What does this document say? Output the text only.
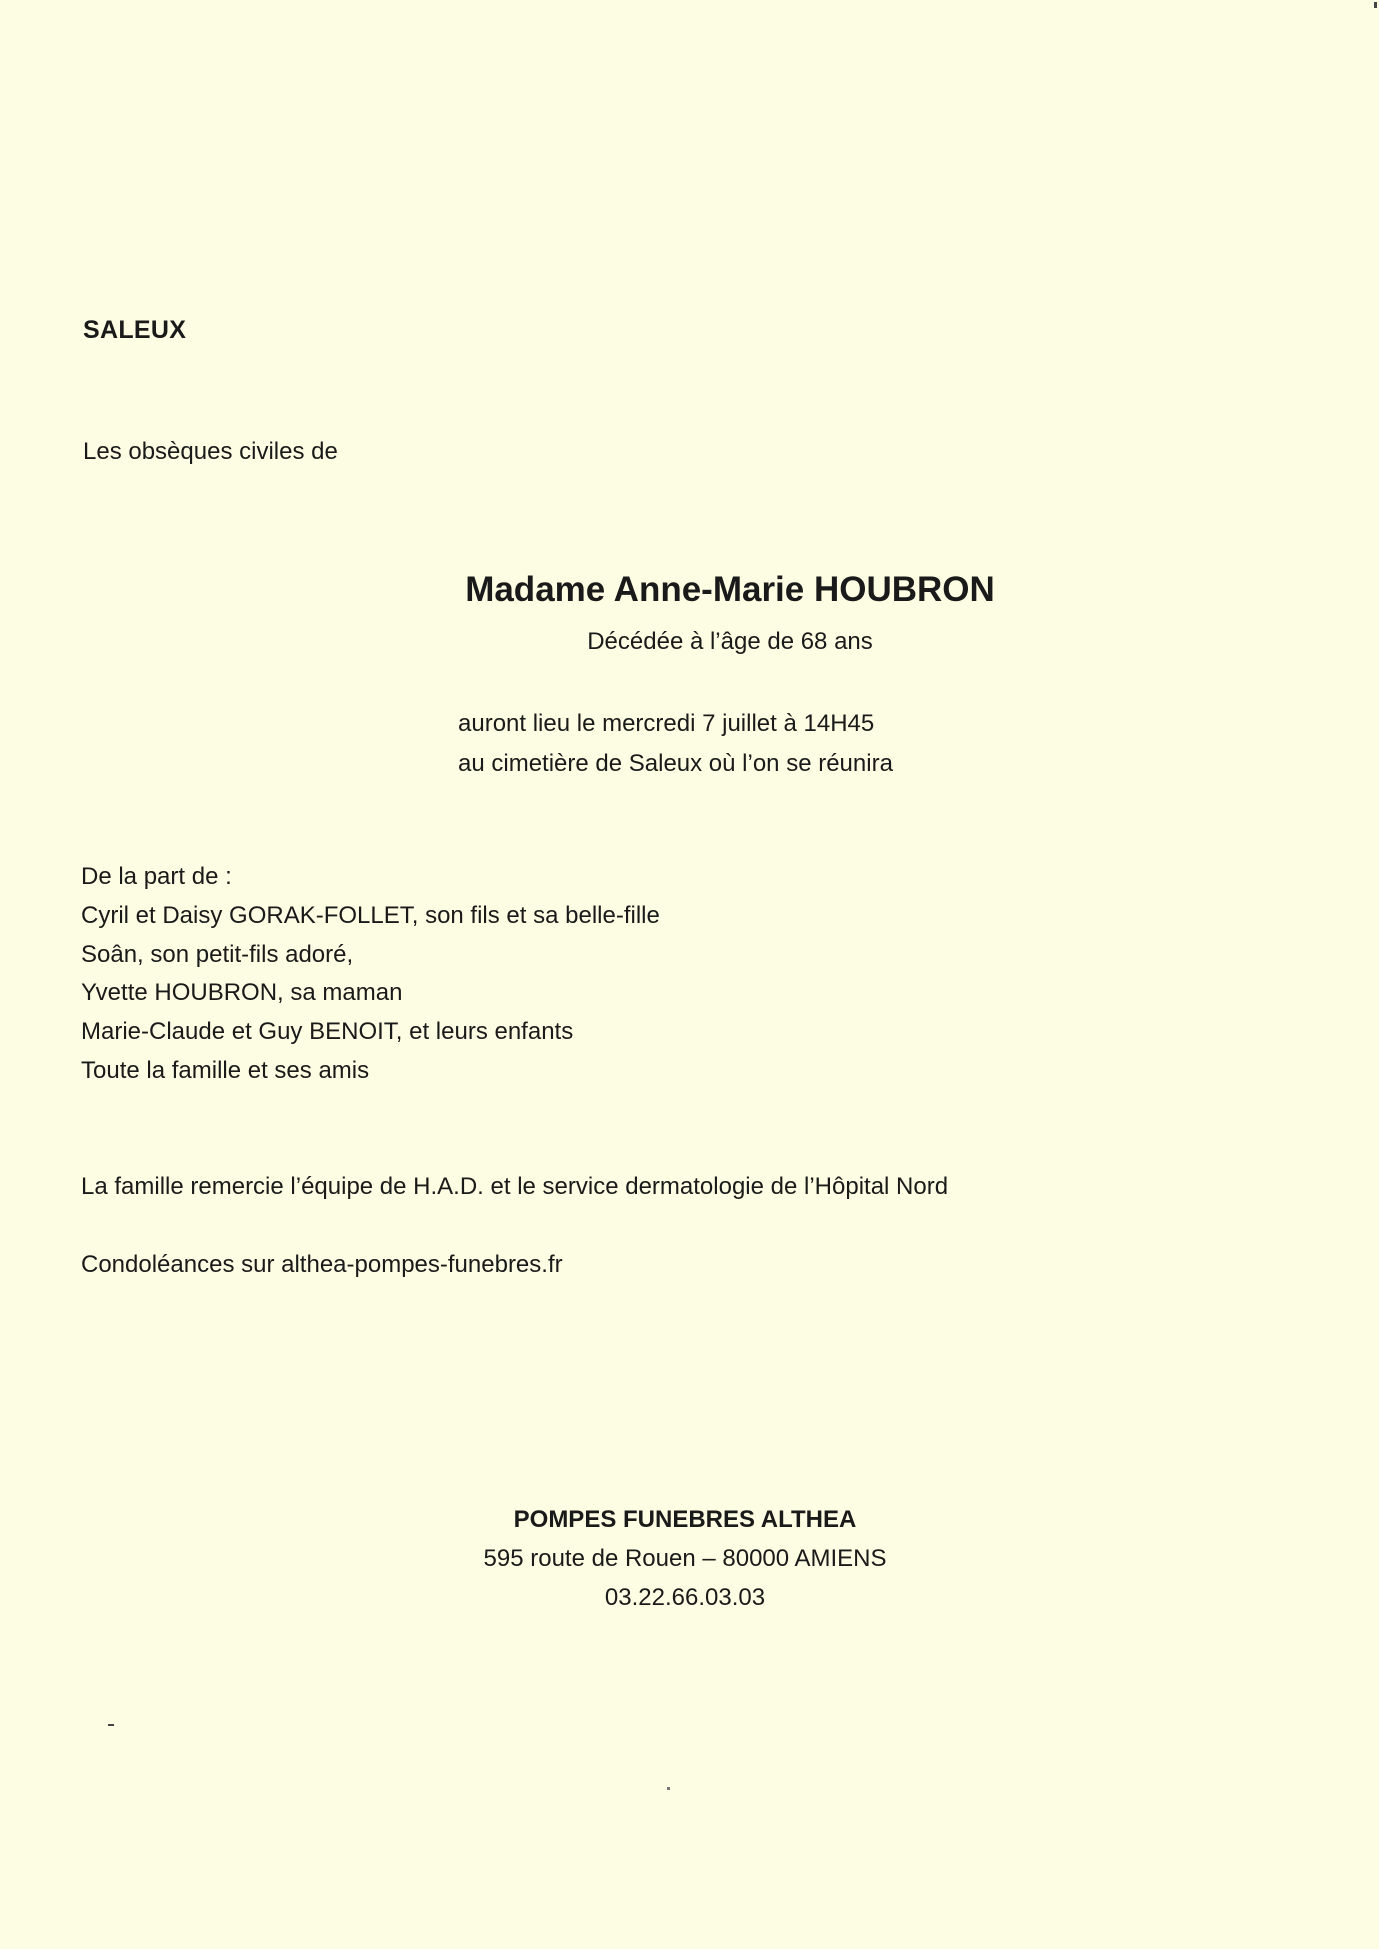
SALEUX
Les obsèques civiles de
Madame Anne-Marie HOUBRON
Décédée à l’âge de 68 ans
auront lieu le mercredi 7 juillet à 14H45
au cimetière de Saleux où l’on se réunira
De la part de :
Cyril et Daisy GORAK-FOLLET, son fils et sa belle-fille
Soân, son petit-fils adoré,
Yvette HOUBRON, sa maman
Marie-Claude et Guy BENOIT, et leurs enfants
Toute la famille et ses amis
La famille remercie l’équipe de H.A.D. et le service dermatologie de l’Hôpital Nord
Condoléances sur althea-pompes-funebres.fr
POMPES FUNEBRES ALTHEA
595 route de Rouen – 80000 AMIENS
03.22.66.03.03
